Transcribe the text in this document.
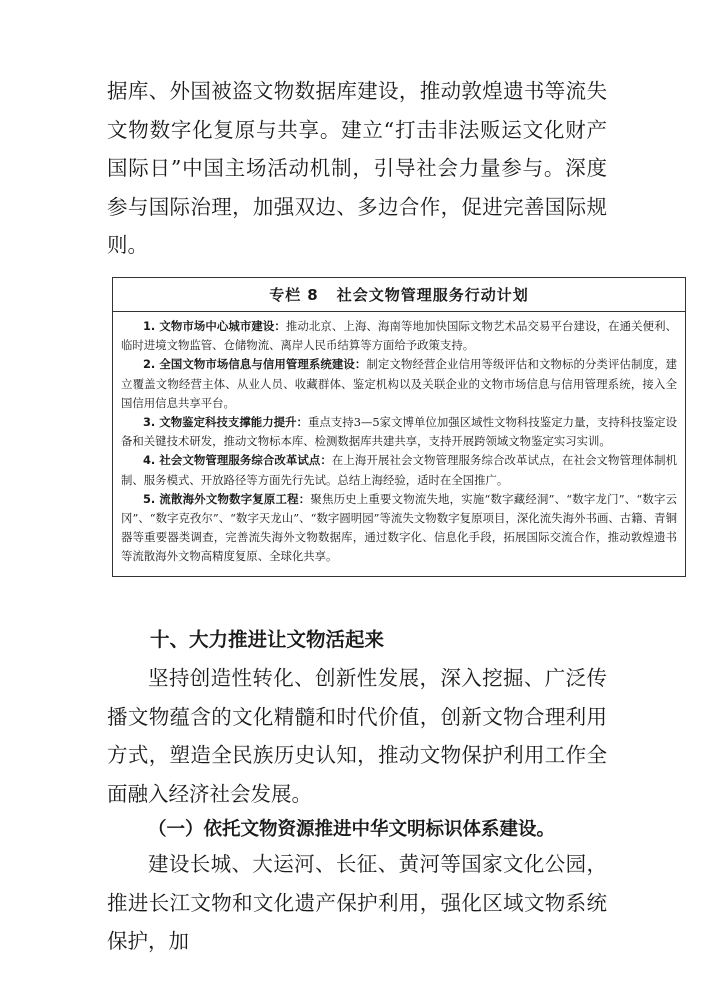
据库、外国被盗文物数据库建设，推动敦煌遗书等流失文物数字化复原与共享。建立“打击非法贩运文化财产国际日”中国主场活动机制，引导社会力量参与。深度参与国际治理，加强双边、多边合作，促进完善国际规则。

专栏 8 社会文物管理服务行动计划

1. 文物市场中心城市建设：推动北京、上海、海南等地加快国际文物艺术品交易平台建设，在通关便利、临时进境文物监管、仓储物流、离岸人民币结算等方面给予政策支持。

2. 全国文物市场信息与信用管理系统建设：制定文物经营企业信用等级评估和文物标的分类评估制度，建立覆盖文物经营主体、从业人员、收藏群体、鉴定机构以及关联企业的文物市场信息与信用管理系统，接入全国信用信息共享平台。

3. 文物鉴定科技支撑能力提升：重点支持3—5家文博单位加强区域性文物科技鉴定力量，支持科技鉴定设备和关键技术研发，推动文物标本库、检测数据库共建共享，支持开展跨领域文物鉴定实习实训。

4. 社会文物管理服务综合改革试点：在上海开展社会文物管理服务综合改革试点，在社会文物管理体制机制、服务模式、开放路径等方面先行先试。总结上海经验，适时在全国推广。

5. 流散海外文物数字复原工程：聚焦历史上重要文物流失地，实施“数字藏经洞”、“数字龙门”、“数字云冈”、“数字克孜尔”、“数字天龙山”、“数字圆明园”等流失文物数字复原项目，深化流失海外书画、古籍、青铜器等重要器类调查，完善流失海外文物数据库，通过数字化、信息化手段，拓展国际交流合作，推动敦煌遗书等流散海外文物高精度复原、全球化共享。

十、大力推进让文物活起来

坚持创造性转化、创新性发展，深入挖掘、广泛传播文物蕴含的文化精髓和时代价值，创新文物合理利用方式，塑造全民族历史认知，推动文物保护利用工作全面融入经济社会发展。

（一）依托文物资源推进中华文明标识体系建设。

建设长城、大运河、长征、黄河等国家文化公园，推进长江文物和文化遗产保护利用，强化区域文物系统保护，加
